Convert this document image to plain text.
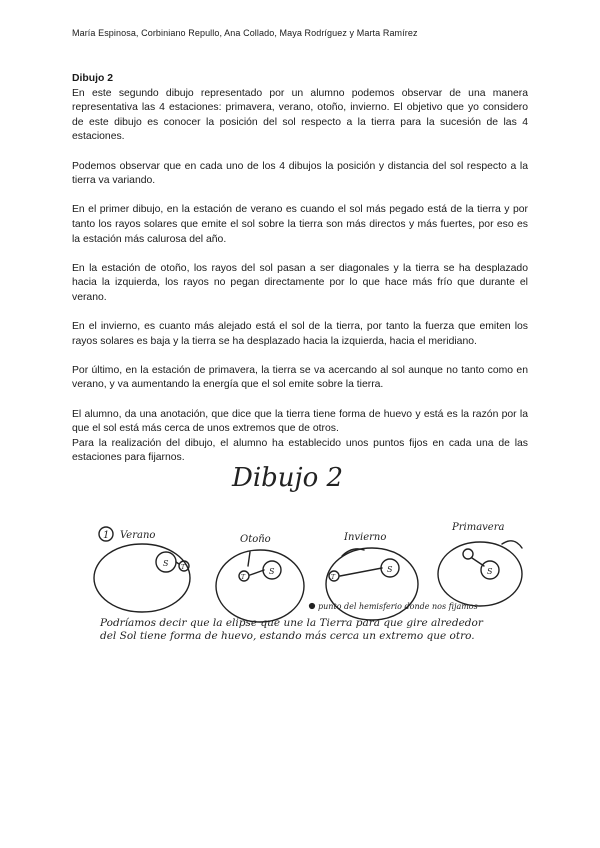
María Espinosa, Corbiniano Repullo, Ana Collado, Maya Rodríguez y Marta Ramírez

Dibujo 2

En este segundo dibujo representado por un alumno podemos observar de una manera representativa las 4 estaciones: primavera, verano, otoño, invierno. El objetivo que yo considero de este dibujo es conocer la posición del sol respecto a la tierra para la sucesión de las 4 estaciones.

Podemos observar que en cada uno de los 4 dibujos la posición y distancia del sol respecto a la tierra va variando.

En el primer dibujo, en la estación de verano es cuando el sol más pegado está de la tierra y por tanto los rayos solares que emite el sol sobre la tierra son más directos y más fuertes, por eso es la estación más calurosa del año.

En la estación de otoño, los rayos del sol pasan a ser diagonales y la tierra se ha desplazado hacia la izquierda, los rayos no pegan directamente por lo que hace más frío que durante el verano.

En el invierno, es cuanto más alejado está el sol de la tierra, por tanto la fuerza que emiten los rayos solares es baja y la tierra se ha desplazado hacia la izquierda, hacia el meridiano.

Por último, en la estación de primavera, la tierra se va acercando al sol aunque no tanto como en verano, y va aumentando la energía que el sol emite sobre la tierra.

El alumno, da una anotación, que dice que la tierra tiene forma de huevo y está es la razón por la que el sol está más cerca de unos extremos que de otros.

Para la realización del dibujo, el alumno ha establecido unos puntos fijos en cada una de las estaciones para fijarnos.

Dibujo 2
1 Verano	Otoño	Invierno
Primavera
S T	S
T
S
T
S
punto del hemisferio donde nos fijamos
Podríamos decir que la elipse que une la Tierra para que gire alrededor
del Sol tiene forma de huevo, estando más cerca un extremo que otro.
